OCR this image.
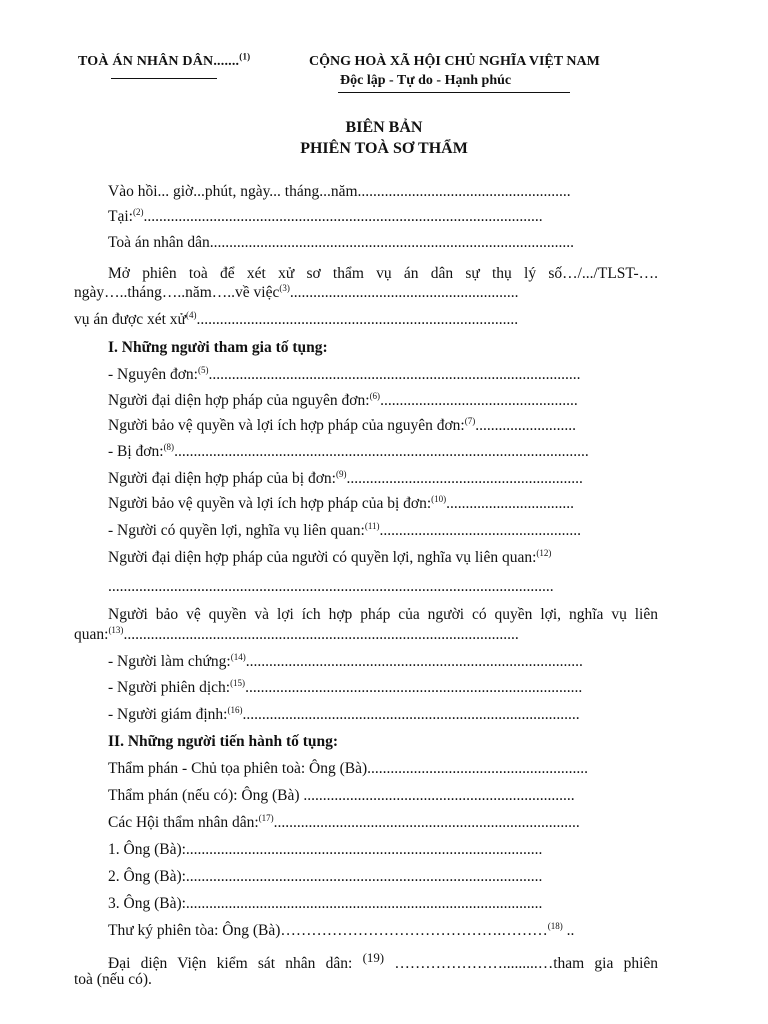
TOÀ ÁN NHÂN DÂN.......$^{(1)}$	CỘNG HOÀ XÃ HỘI CHỦ NGHĨA VIỆT NAM
Độc lập - Tự do - Hạnh phúc
BIÊN BẢN
PHIÊN TOÀ SƠ THẨM
Vào hồi... giờ...phút, ngày... tháng...năm.......................................................
Tại:$^{(2)}$.......................................................................................................
Toà án nhân dân..............................................................................................
Mở phiên toà để xét xử sơ thẩm vụ án dân sự thụ lý số…/.../TLST-….
ngày…..tháng…..năm…..về việc$^{(3)}$...........................................................
vụ án được xét xử$^{(4)}$...................................................................................
I. Những người tham gia tố tụng:
- Nguyên đơn:$^{(5)}$................................................................................................
Người đại diện hợp pháp của nguyên đơn:$^{(6)}$...................................................
Người bảo vệ quyền và lợi ích hợp pháp của nguyên đơn:$^{(7)}$..........................
- Bị đơn:$^{(8)}$...........................................................................................................
Người đại diện hợp pháp của bị đơn:$^{(9)}$.............................................................
Người bảo vệ quyền và lợi ích hợp pháp của bị đơn:$^{(10)}$.................................
- Người có quyền lợi, nghĩa vụ liên quan:$^{(11)}$....................................................
Người đại diện hợp pháp của người có quyền lợi, nghĩa vụ liên quan:$^{(12)}$
...................................................................................................................
Người bảo vệ quyền và lợi ích hợp pháp của người có quyền lợi, nghĩa vụ liên
quan:$^{(13)}$......................................................................................................
- Người làm chứng:$^{(14)}$.......................................................................................
- Người phiên dịch:$^{(15)}$.......................................................................................
- Người giám định:$^{(16)}$.......................................................................................
II. Những người tiến hành tố tụng:
Thẩm phán - Chủ tọa phiên toà: Ông (Bà).........................................................
Thẩm phán (nếu có): Ông (Bà) ......................................................................
Các Hội thẩm nhân dân:$^{(17)}$...............................................................................
1. Ông (Bà):............................................................................................
2. Ông (Bà):............................................................................................
3. Ông (Bà):............................................................................................
Thư ký phiên tòa: Ông (Bà)…………………………………….………$^{(18)}$ ..
Đại diện Viện kiểm sát nhân dân: $^{(19)}$ ………………….........…tham gia phiên
toà (nếu có).
